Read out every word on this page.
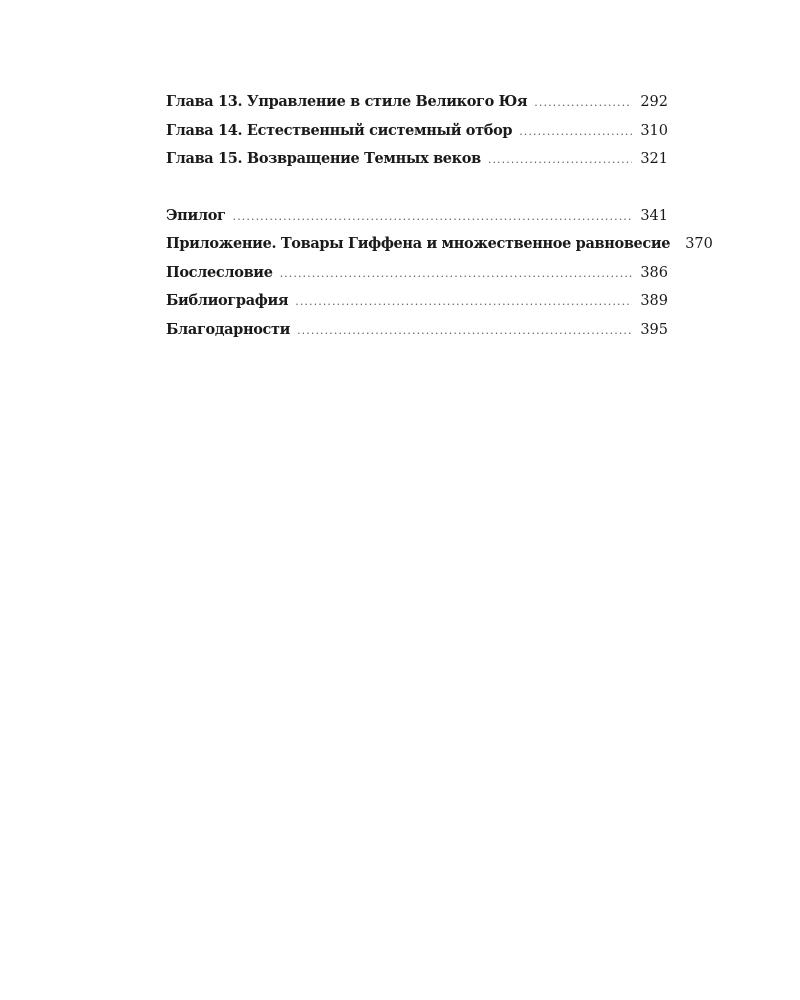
Глава 13. Управление в стиле Великого Юя .....	292
Глава 14. Естественный системный отбор .....	310
Глава 15. Возвращение Темных веков .....	321
Эпилог .....	341
Приложение. Товары Гиффена и множественное равновесие 370
Послесловие .....	386
Библиография .....	389
Благодарности .....	395
